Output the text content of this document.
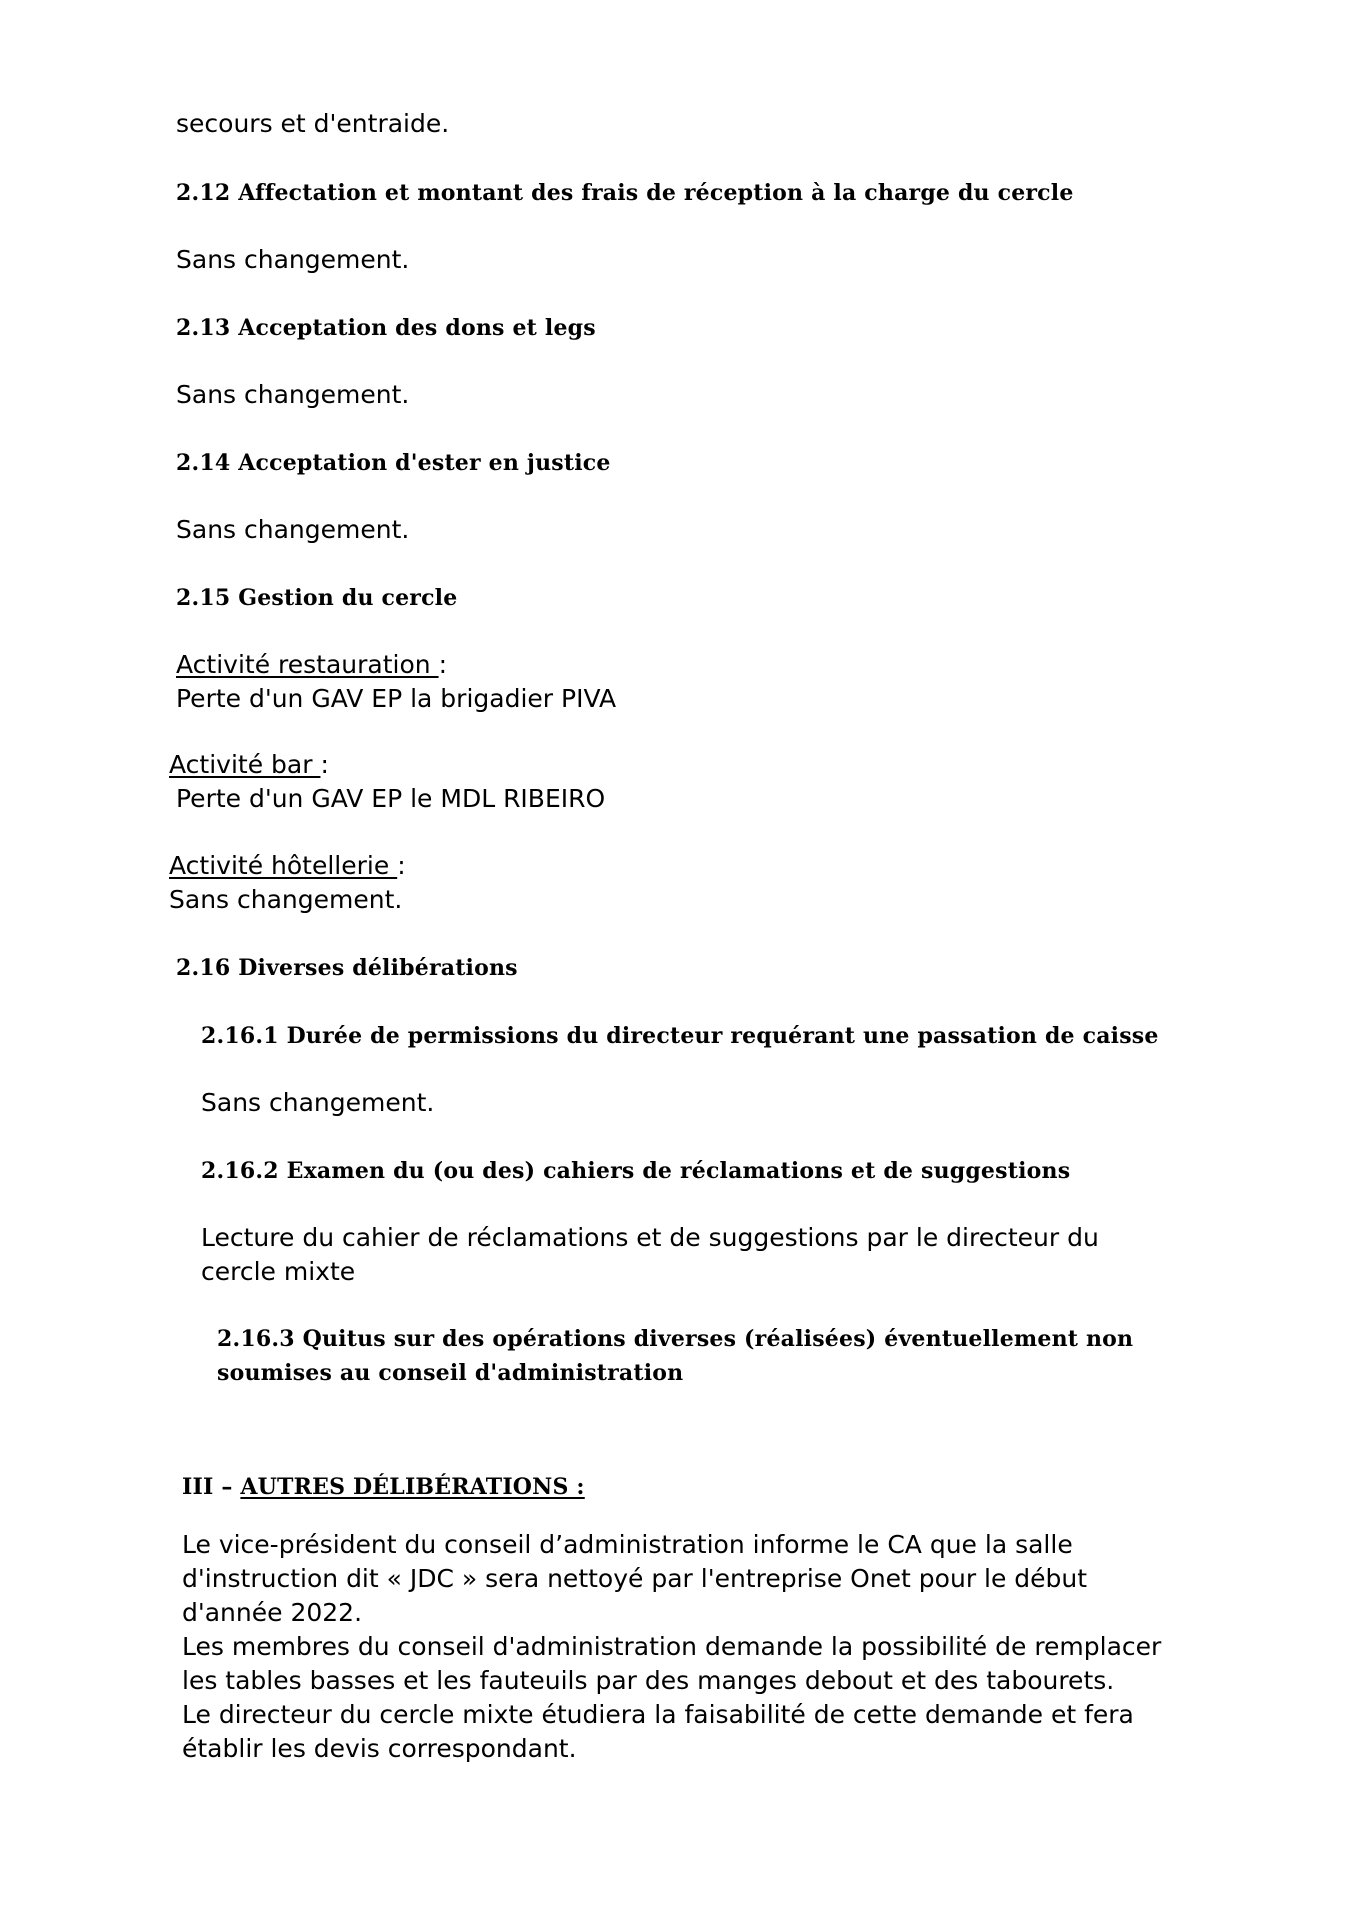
secours et d'entraide.

2.12 Affectation et montant des frais de réception à la charge du cercle

Sans changement.

2.13 Acceptation des dons et legs

Sans changement.

2.14 Acceptation d'ester en justice

Sans changement.

2.15 Gestion du cercle

Activité restauration :

Perte d'un GAV EP la brigadier PIVA

Activité bar :

Perte d'un GAV EP le MDL RIBEIRO

Activité hôtellerie :

Sans changement.

2.16 Diverses délibérations

2.16.1 Durée de permissions du directeur requérant une passation de caisse

Sans changement.

2.16.2 Examen du (ou des) cahiers de réclamations et de suggestions

Lecture du cahier de réclamations et de suggestions par le directeur du
cercle mixte
2.16.3 Quitus sur des opérations diverses (réalisées) éventuellement non
soumises au conseil d'administration

III – AUTRES DÉLIBÉRATIONS :

Le vice-président du conseil d’administration informe le CA que la salle
d'instruction dit « JDC » sera nettoyé par l'entreprise Onet pour le début
d'année 2022.
Les membres du conseil d'administration demande la possibilité de remplacer
les tables basses et les fauteuils par des manges debout et des tabourets.
Le directeur du cercle mixte étudiera la faisabilité de cette demande et fera
établir les devis correspondant.
